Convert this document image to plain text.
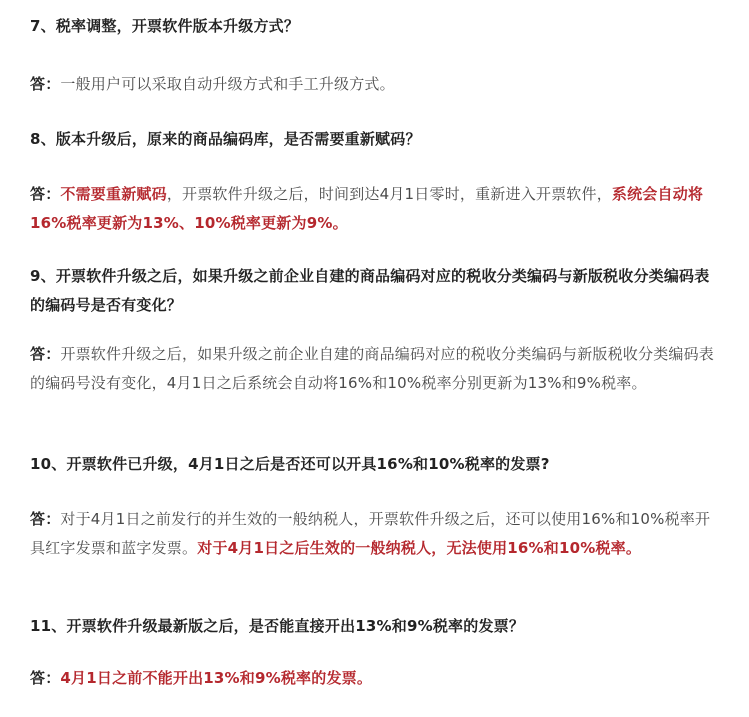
7、税率调整，开票软件版本升级方式？
答：一般用户可以采取自动升级方式和手工升级方式。
8、版本升级后，原来的商品编码库，是否需要重新赋码？
答：不需要重新赋码，开票软件升级之后，时间到达4月1日零时，重新进入开票软件，系统会自动将16%税率更新为13%、10%税率更新为9%。
9、开票软件升级之后，如果升级之前企业自建的商品编码对应的税收分类编码与新版税收分类编码表的编码号是否有变化？
答：开票软件升级之后，如果升级之前企业自建的商品编码对应的税收分类编码与新版税收分类编码表的编码号没有变化，4月1日之后系统会自动将16%和10%税率分别更新为13%和9%税率。
10、开票软件已升级，4月1日之后是否还可以开具16%和10%税率的发票?
答：对于4月1日之前发行的并生效的一般纳税人，开票软件升级之后，还可以使用16%和10%税率开具红字发票和蓝字发票。对于4月1日之后生效的一般纳税人，无法使用16%和10%税率。
11、开票软件升级最新版之后，是否能直接开出13%和9%税率的发票？
答：4月1日之前不能开出13%和9%税率的发票。
